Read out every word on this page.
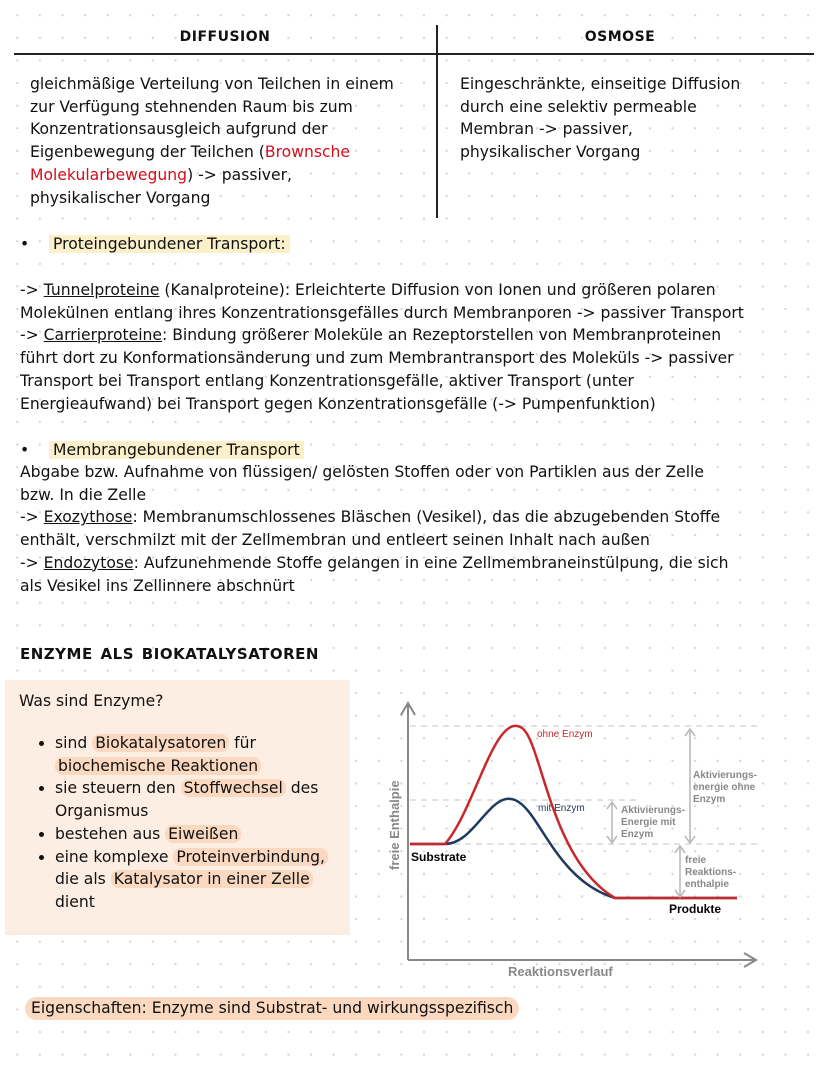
diffusion	osmose
gleichmäßige Verteilung von Teilchen in einem
zur Verfügung stehnenden Raum bis zum
Konzentrationsausgleich aufgrund der
Eigenbewegung der Teilchen (Brownsche
Molekularbewegung) -> passiver,
physikalischer Vorgang
Eingeschränkte, einseitige Diffusion
durch eine selektiv permeable
Membran -> passiver,
physikalischer Vorgang
•    Proteingebundener Transport:
-> Tunnelproteine (Kanalproteine): Erleichterte Diffusion von Ionen und größeren polaren
Molekülnen entlang ihres Konzentrationsgefälles durch Membranporen -> passiver Transport
-> Carrierproteine: Bindung größerer Moleküle an Rezeptorstellen von Membranproteinen
führt dort zu Konformationsänderung und zum Membrantransport des Moleküls -> passiver
Transport bei Transport entlang Konzentrationsgefälle, aktiver Transport (unter
Energieaufwand) bei Transport gegen Konzentrationsgefälle (-> Pumpenfunktion)
•    Membrangebundener Transport
Abgabe bzw. Aufnahme von flüssigen/ gelösten Stoffen oder von Partiklen aus der Zelle
bzw. In die Zelle
-> Exozythose: Membranumschlossenes Bläschen (Vesikel), das die abzugebenden Stoffe
enthält, verschmilzt mit der Zellmembran und entleert seinen Inhalt nach außen
-> Endozytose: Aufzunehmende Stoffe gelangen in eine Zellmembraneinstülpung, die sich
als Vesikel ins Zellinnere abschnürt
enzyme als biokatalysatoren
Was sind Enzyme?
• sind Biokatalysatoren für
biochemische Reaktionen
• sie steuern den Stoffwechsel des
Organismus
• bestehen aus Eiweißen
• eine komplexe Proteinverbindung,
die als Katalysator in einer Zelle
dient
ohne Enzym
mit Enzym
Substrate
Produkte
Aktivierungs-
energie ohne
Enzym
Aktivierungs-
Energie mit
Enzym
freie
Reaktions-
enthalpie
Reaktionsverlauf
freie Enthalpie
Eigenschaften: Enzyme sind Substrat- und wirkungsspezifisch
